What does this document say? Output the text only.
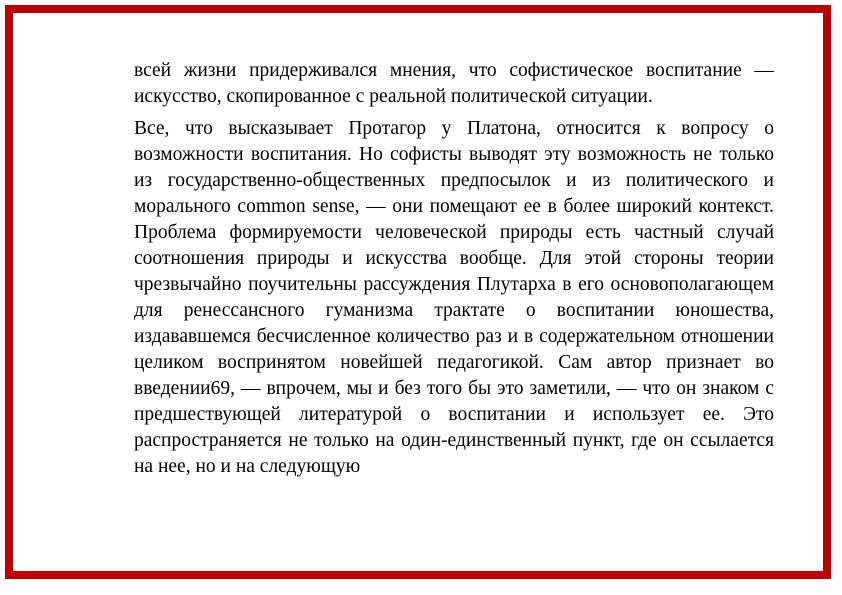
всей жизни придерживался мнения, что софистическое воспитание — искусство, скопированное с реальной политической ситуации.

Все, что высказывает Протагор у Платона, относится к вопросу о возможности воспитания. Но софисты выводят эту возможность не только из государственно-общественных предпосылок и из политического и морального common sense, — они помещают ее в более широкий контекст. Проблема формируемости человеческой природы есть частный случай соотношения природы и искусства вообще. Для этой стороны теории чрезвычайно поучительны рассуждения Плутарха в его основополагающем для ренессансного гуманизма трактате о воспитании юношества, издававшемся бесчисленное количество раз и в содержательном отношении целиком воспринятом новейшей педагогикой. Сам автор признает во введении69, — впрочем, мы и без того бы это заметили, — что он знаком с предшествующей литературой о воспитании и использует ее. Это распространяется не только на один-единственный пункт, где он ссылается на нее, но и на следующую
